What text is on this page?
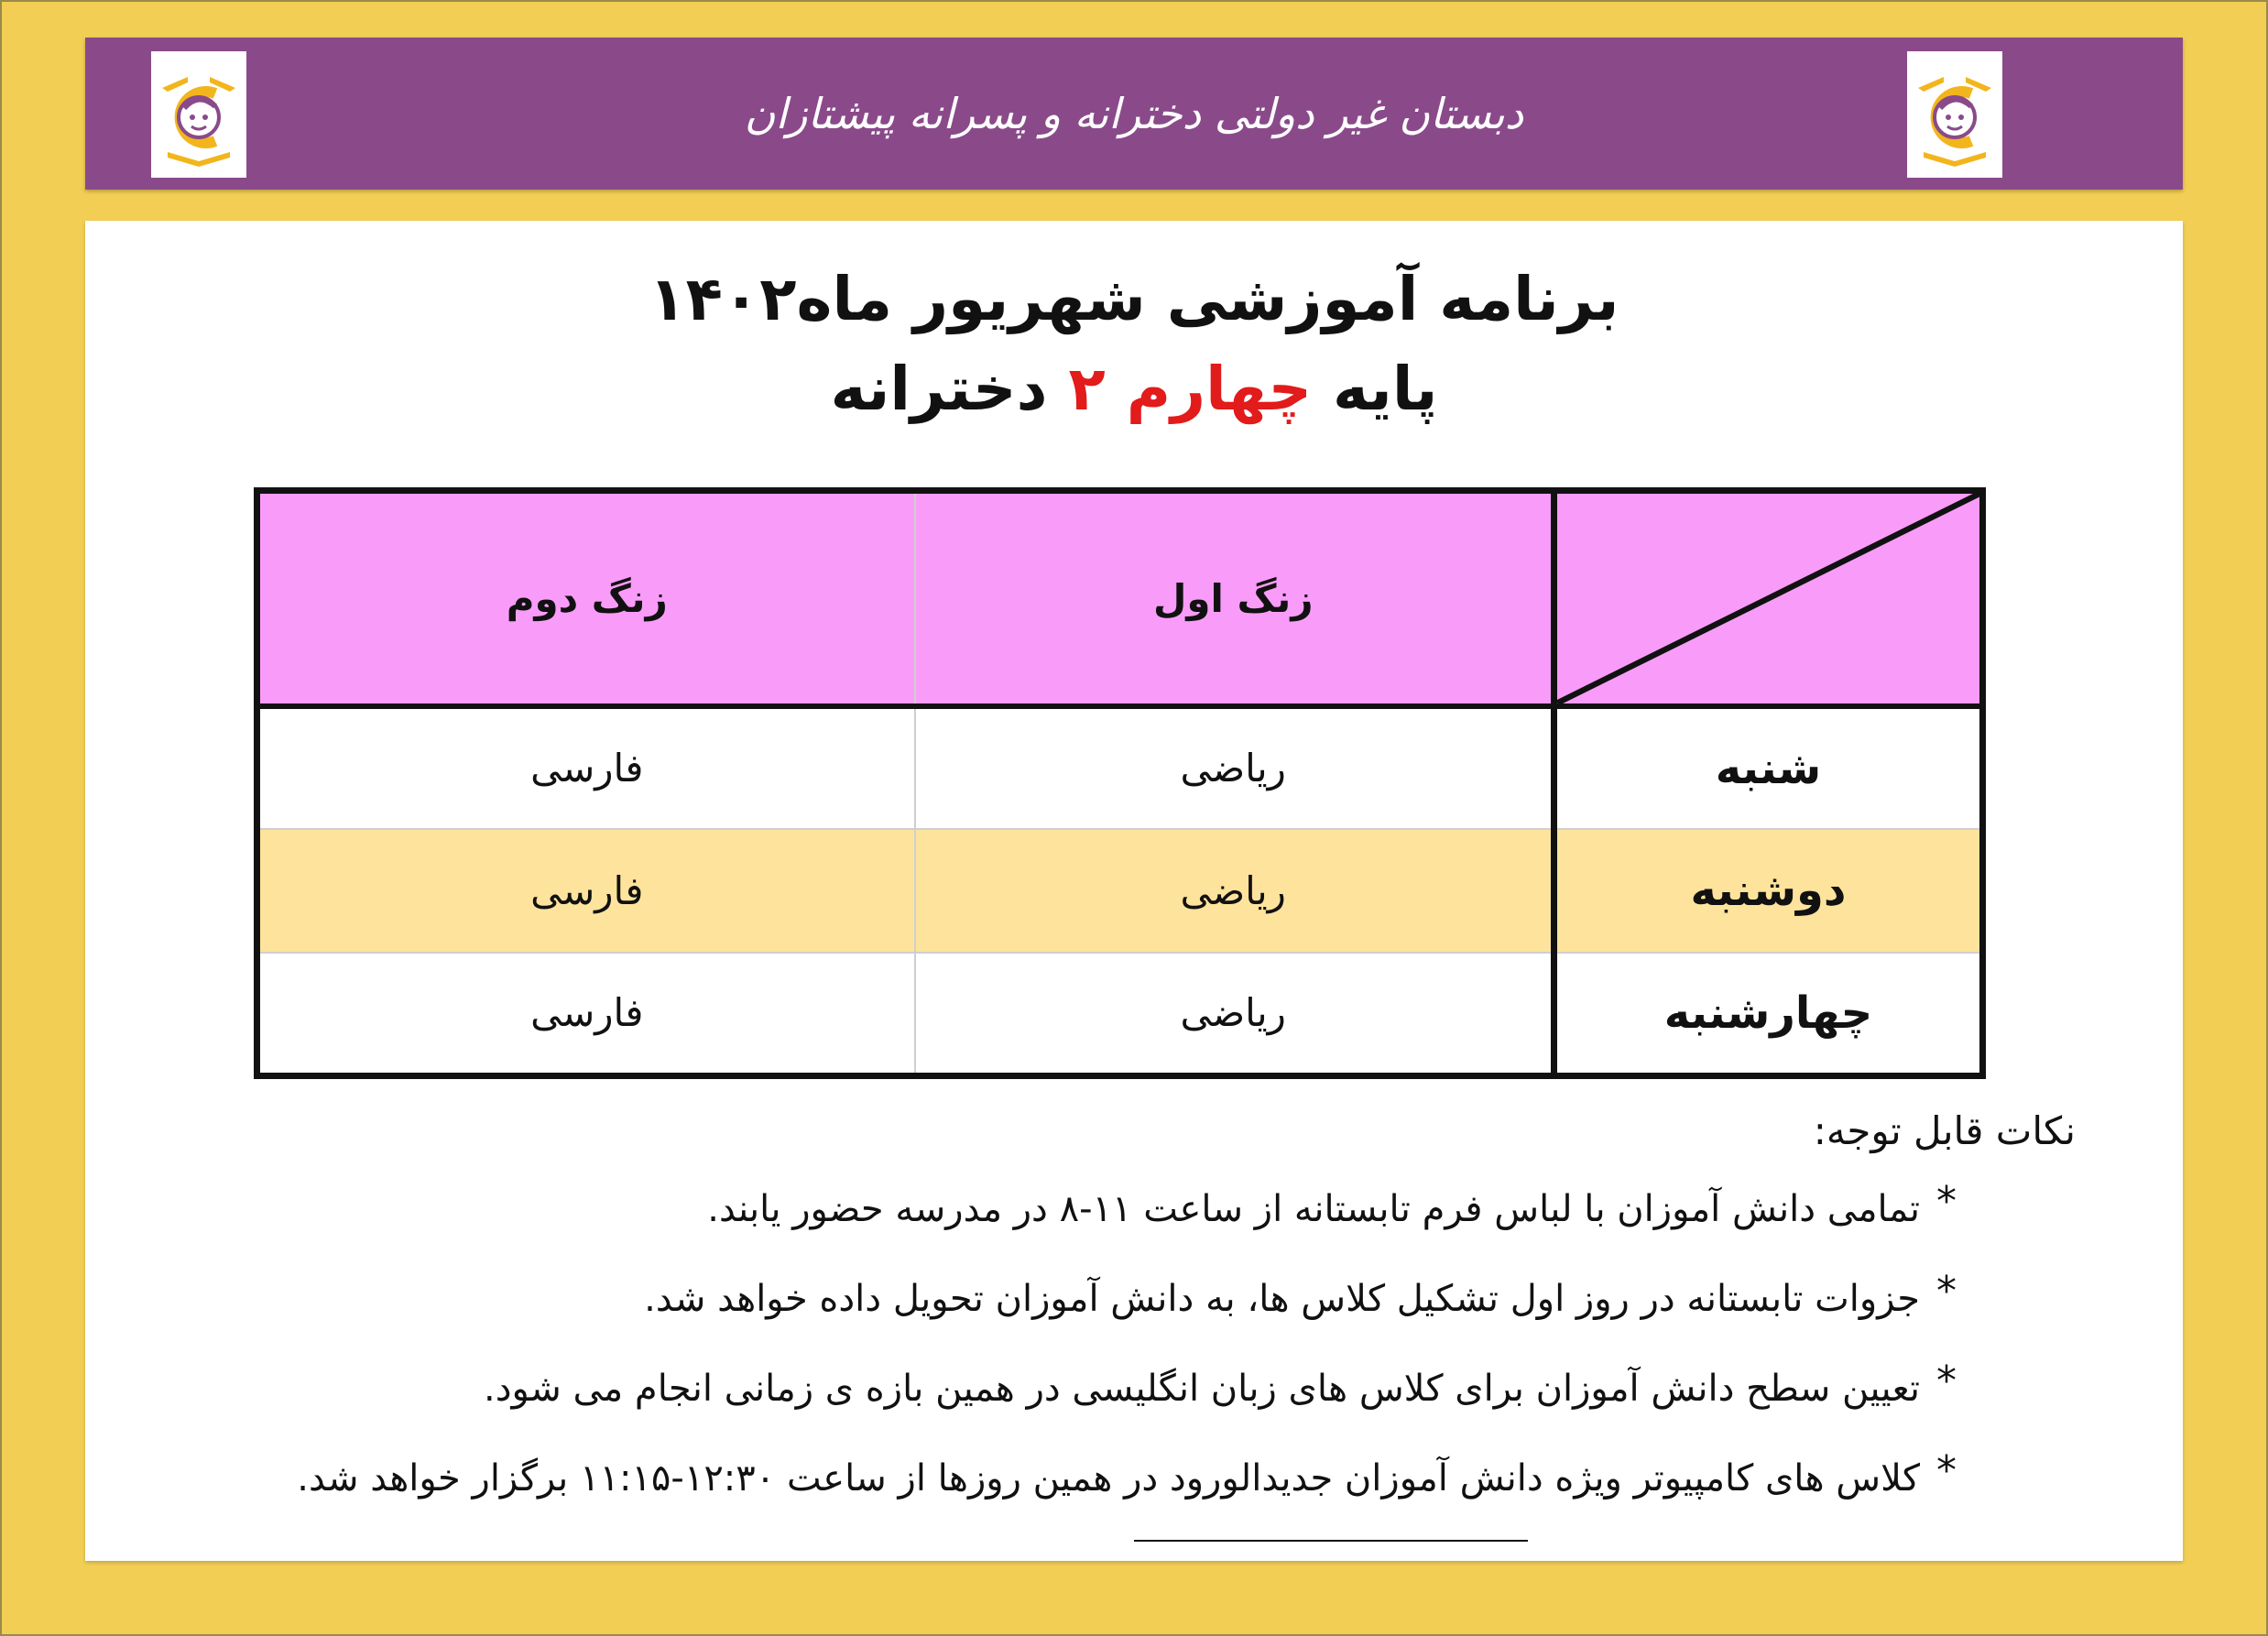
دبستان غیر دولتی دخترانه و پسرانه پیشتازان

برنامه آموزشی شهریور ماه۱۴۰۲
پایه چهارم ۲ دخترانه
	زنگ اول	زنگ دوم
شنبه	ریاضی	فارسی
دوشنبه	ریاضی	فارسی
چهارشنبه	ریاضی	فارسی

نکات قابل توجه:

*
تمامی دانش آموزان با لباس فرم تابستانه از ساعت ۱۱-۸ در مدرسه حضور یابند.
*
جزوات تابستانه در روز اول تشکیل کلاس ها، به دانش آموزان تحویل داده خواهد شد.
*
تعیین سطح دانش آموزان برای کلاس های زبان انگلیسی در همین بازه ی زمانی انجام می شود.
*
کلاس های کامپیوتر ویژه دانش آموزان جدیدالورود در همین روزها از ساعت ۱۲:۳۰-۱۱:۱۵ برگزار خواهد شد.
